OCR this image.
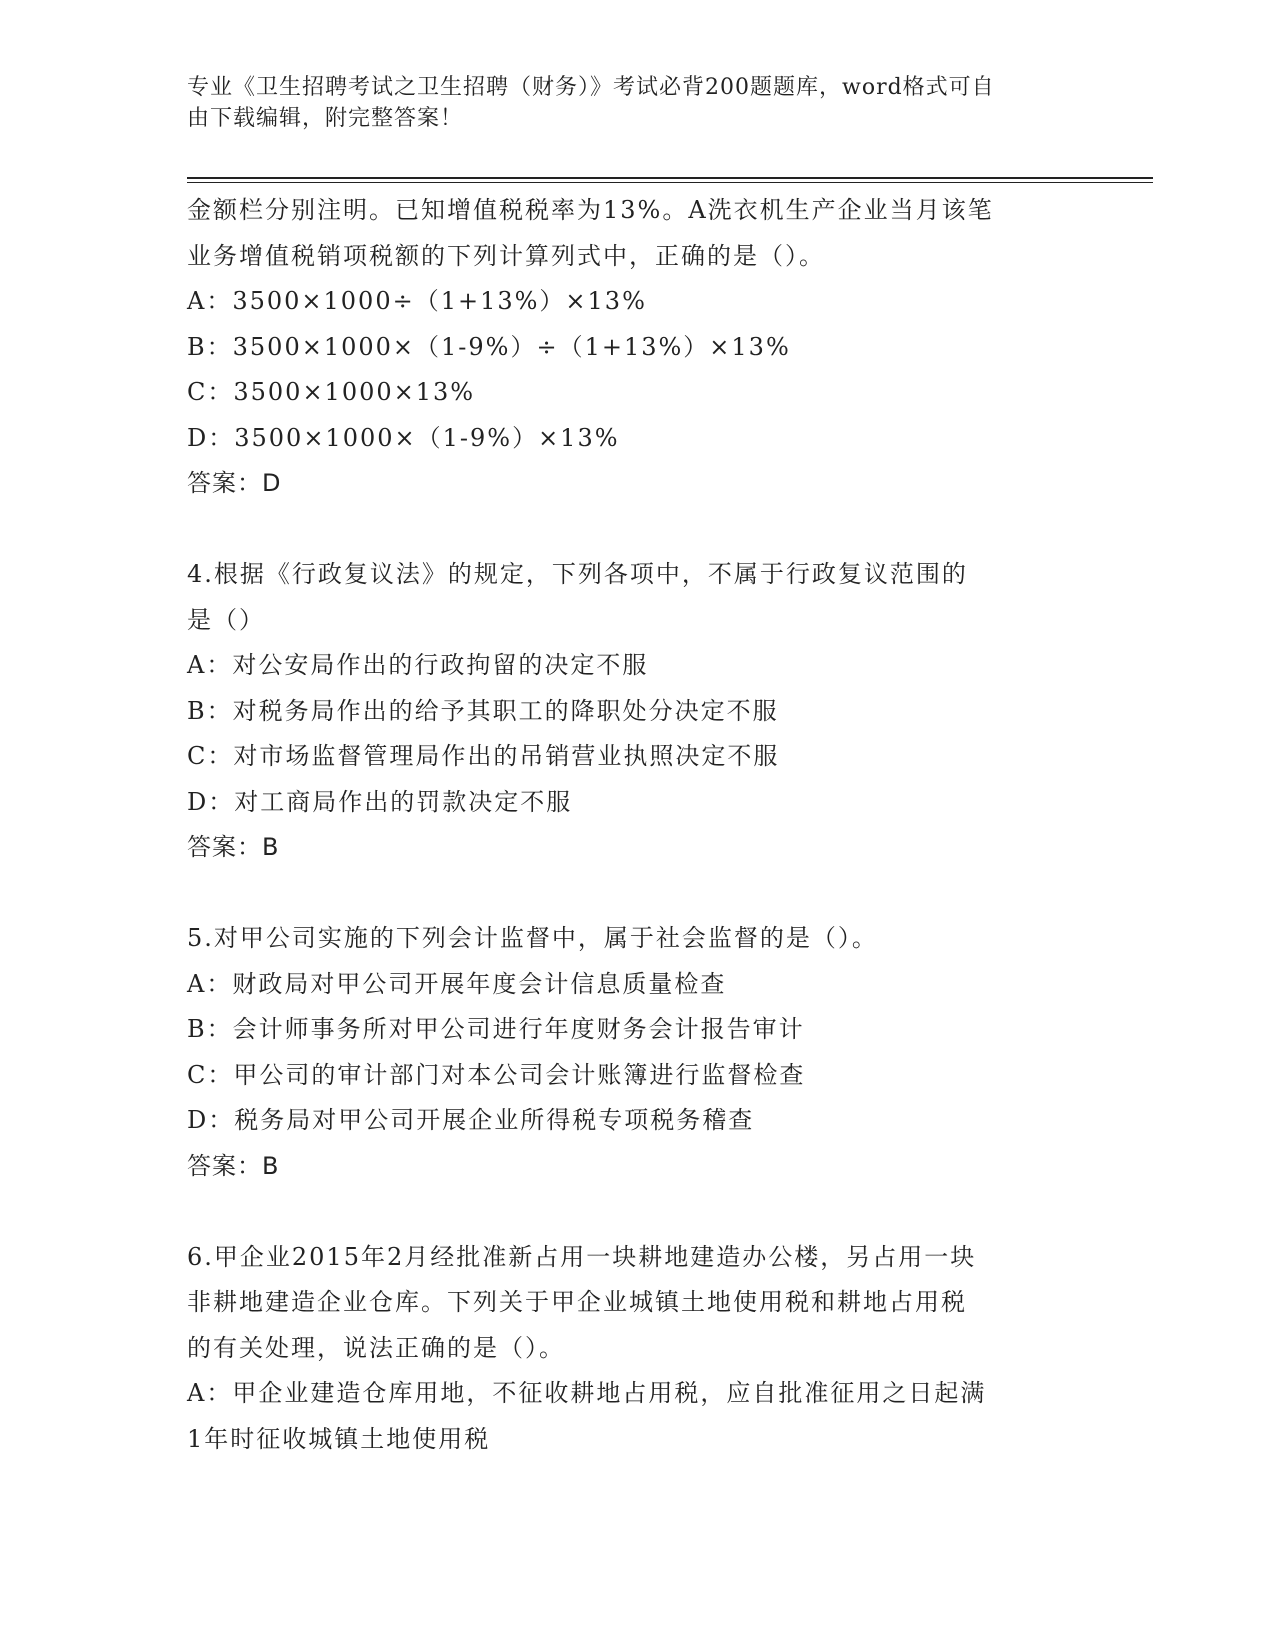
专业《卫生招聘考试之卫生招聘（财务）》考试必背200题题库，word格式可自
由下载编辑，附完整答案！

金额栏分别注明。已知增值税税率为13%。A洗衣机生产企业当月该笔

业务增值税销项税额的下列计算列式中，正确的是（）。

A：3500×1000÷（1+13%）×13%

B：3500×1000×（1-9%）÷（1+13%）×13%

C：3500×1000×13%

D：3500×1000×（1-9%）×13%

答案：D

4.根据《行政复议法》的规定，下列各项中，不属于行政复议范围的

是（）

A：对公安局作出的行政拘留的决定不服

B：对税务局作出的给予其职工的降职处分决定不服

C：对市场监督管理局作出的吊销营业执照决定不服

D：对工商局作出的罚款决定不服

答案：B

5.对甲公司实施的下列会计监督中，属于社会监督的是（）。

A：财政局对甲公司开展年度会计信息质量检查

B：会计师事务所对甲公司进行年度财务会计报告审计

C：甲公司的审计部门对本公司会计账簿进行监督检查

D：税务局对甲公司开展企业所得税专项税务稽查

答案：B

6.甲企业2015年2月经批准新占用一块耕地建造办公楼，另占用一块

非耕地建造企业仓库。下列关于甲企业城镇土地使用税和耕地占用税

的有关处理，说法正确的是（）。

A：甲企业建造仓库用地，不征收耕地占用税，应自批准征用之日起满

1年时征收城镇土地使用税
